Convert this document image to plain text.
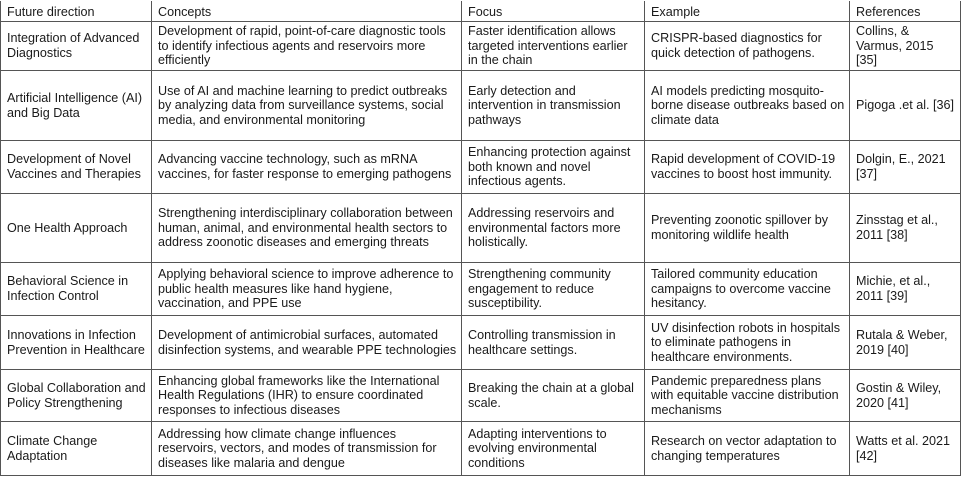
Future direction	Concepts	Focus	Example	References
Integration of Advanced Diagnostics	Development of rapid, point-of-care diagnostic tools to identify infectious agents and reservoirs more efficiently	Faster identification allows targeted interventions earlier in the chain	CRISPR-based diagnostics for quick detection of pathogens.	Collins, & Varmus, 2015 [35]
Artificial Intelligence (AI) and Big Data	Use of AI and machine learning to predict outbreaks by analyzing data from surveillance systems, social media, and environmental monitoring	Early detection and intervention in transmission pathways	AI models predicting mosquito-borne disease outbreaks based on climate data	Pigoga .et al. [36]
Development of Novel Vaccines and Therapies	Advancing vaccine technology, such as mRNA vaccines, for faster response to emerging pathogens	Enhancing protection against both known and novel infectious agents.	Rapid development of COVID-19 vaccines to boost host immunity.	Dolgin, E., 2021 [37]
One Health Approach	Strengthening interdisciplinary collaboration between human, animal, and environmental health sectors to address zoonotic diseases and emerging threats	Addressing reservoirs and environmental factors more holistically.	Preventing zoonotic spillover by monitoring wildlife health	Zinsstag et al., 2011 [38]
Behavioral Science in Infection Control	Applying behavioral science to improve adherence to public health measures like hand hygiene, vaccination, and PPE use	Strengthening community engagement to reduce susceptibility.	Tailored community education campaigns to overcome vaccine hesitancy.	Michie, et al., 2011 [39]
Innovations in Infection Prevention in Healthcare	Development of antimicrobial surfaces, automated disinfection systems, and wearable PPE technologies	Controlling transmission in healthcare settings.	UV disinfection robots in hospitals to eliminate pathogens in healthcare environments.	Rutala & Weber, 2019 [40]
Global Collaboration and Policy Strengthening	Enhancing global frameworks like the International Health Regulations (IHR) to ensure coordinated responses to infectious diseases	Breaking the chain at a global scale.	Pandemic preparedness plans with equitable vaccine distribution mechanisms	Gostin & Wiley, 2020 [41]
Climate Change Adaptation	Addressing how climate change influences reservoirs, vectors, and modes of transmission for diseases like malaria and dengue	Adapting interventions to evolving environmental conditions	Research on vector adaptation to changing temperatures	Watts et al. 2021 [42]
